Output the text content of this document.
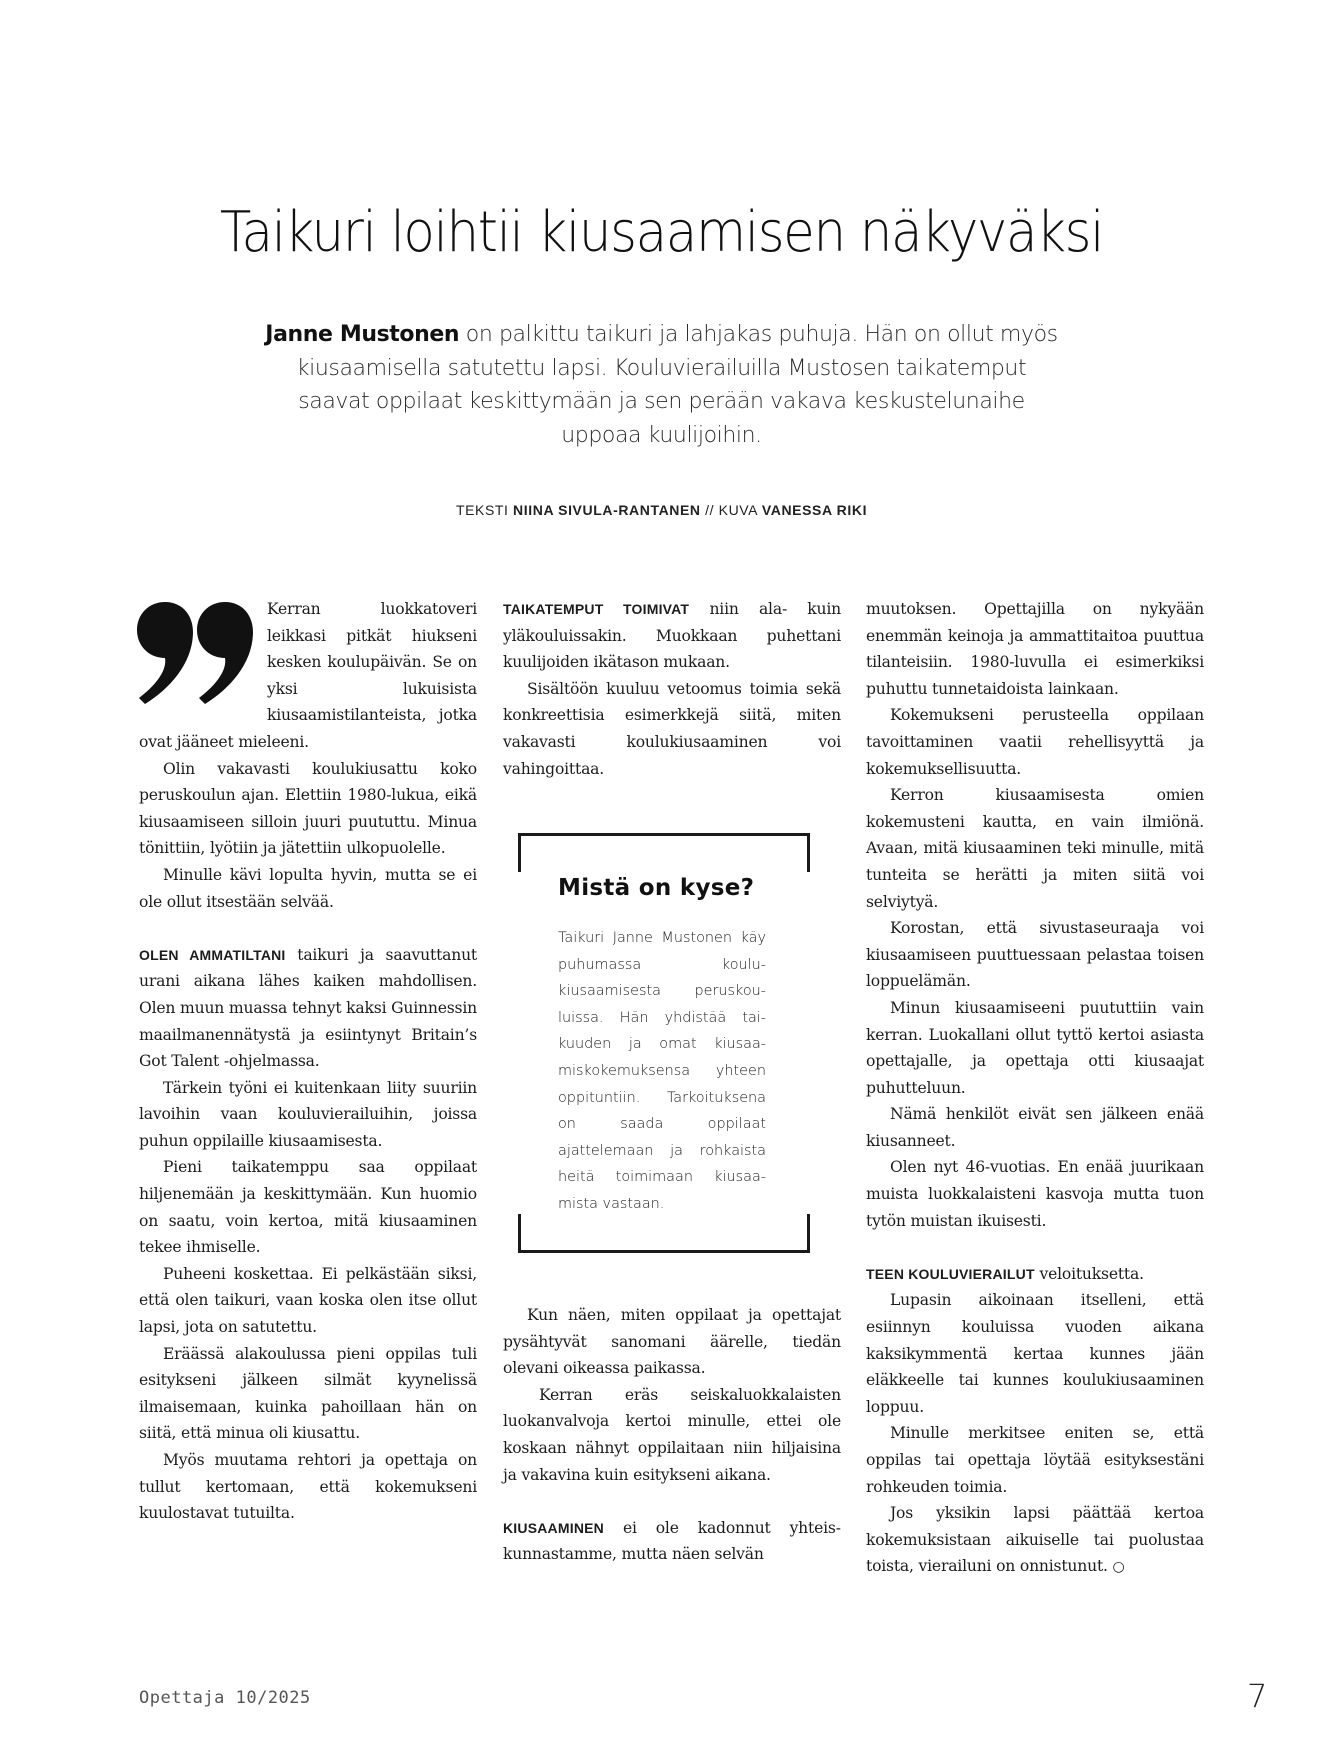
Taikuri loihtii kiusaamisen näkyväksi
Janne Mustonen on palkittu taikuri ja lahjakas puhuja. Hän on ollut myös kiusaamisella satutettu lapsi. Kouluvierailuilla Mustosen taikatemput saavat oppilaat keskittymään ja sen perään vakava keskustelunaihe uppoaa kuulijoihin.
TEKSTI NIINA SIVULA-RANTANEN // KUVA VANESSA RIKI

Kerran luokkatoveri leikkasi pitkät hiukseni kesken koulupäivän. Se on yksi lukuisista kiusaamistilanteista, jotka ovat jääneet mieleeni.

Olin vakavasti koulukiusattu koko peruskoulun ajan. Elettiin 1980-lukua, eikä kiusaamiseen silloin juuri puututtu. Minua tönittiin, lyötiin ja jätettiin ulkopuolelle.

Minulle kävi lopulta hyvin, mutta se ei ole ollut itsestään selvää.

OLEN AMMATILTANI taikuri ja saavuttanut urani aikana lähes kaiken mahdollisen. Olen muun muassa tehnyt kaksi Guinnessin maailmanennätystä ja esiintynyt Britain’s Got Talent -ohjelmassa.

Tärkein työni ei kuitenkaan liity suuriin lavoihin vaan kouluvierailuihin, joissa puhun oppilaille kiusaamisesta.

Pieni taikatemppu saa oppilaat hiljenemään ja keskittymään. Kun huomio on saatu, voin kertoa, mitä kiusaaminen tekee ihmiselle.

Puheeni koskettaa. Ei pelkästään siksi, että olen taikuri, vaan koska olen itse ollut lapsi, jota on satutettu.

Eräässä alakoulussa pieni oppilas tuli esitykseni jälkeen silmät kyynelissä ilmaisemaan, kuinka pahoillaan hän on siitä, että minua oli kiusattu.

Myös muutama rehtori ja opettaja on tullut kertomaan, että kokemukseni kuulostavat tutuilta.

TAIKATEMPUT TOIMIVAT niin ala- kuin yläkouluissakin. Muokkaan puhettani kuulijoiden ikätason mukaan.

Sisältöön kuuluu vetoomus toimia sekä konkreettisia esimerkkejä siitä, miten vakavasti koulukiusaaminen voi vahingoittaa.

Mistä on kyse?
Taikuri Janne Mustonen käy puhumassa koulukiusaamisesta peruskouluissa. Hän yhdistää taikuuden ja omat kiusaamiskokemuksensa yhteen oppituntiin. Tarkoituksena on saada oppilaat ajattelemaan ja rohkaista heitä toimimaan kiusaamista vastaan.

Kun näen, miten oppilaat ja opettajat pysähtyvät sanomani äärelle, tiedän olevani oikeassa paikassa.

Kerran eräs seiskaluokkalaisten luokanvalvoja kertoi minulle, ettei ole koskaan nähnyt oppilaitaan niin hiljaisina ja vakavina kuin esitykseni aikana.

KIUSAAMINEN ei ole kadonnut yhteiskunnastamme, mutta näen selvän

muutoksen. Opettajilla on nykyään enemmän keinoja ja ammattitaitoa puuttua tilanteisiin. 1980-luvulla ei esimerkiksi puhuttu tunnetaidoista lainkaan.

Kokemukseni perusteella oppilaan tavoittaminen vaatii rehellisyyttä ja kokemuksellisuutta.

Kerron kiusaamisesta omien kokemusteni kautta, en vain ilmiönä. Avaan, mitä kiusaaminen teki minulle, mitä tunteita se herätti ja miten siitä voi selviytyä.

Korostan, että sivustaseuraaja voi kiusaamiseen puuttuessaan pelastaa toisen loppuelämän.

Minun kiusaamiseeni puututtiin vain kerran. Luokallani ollut tyttö kertoi asiasta opettajalle, ja opettaja otti kiusaajat puhutteluun.

Nämä henkilöt eivät sen jälkeen enää kiusanneet.

Olen nyt 46-vuotias. En enää juurikaan muista luokkalaisteni kasvoja mutta tuon tytön muistan ikuisesti.

TEEN KOULUVIERAILUT veloituksetta.

Lupasin aikoinaan itselleni, että esiinnyn kouluissa vuoden aikana kaksikymmentä kertaa kunnes jään eläkkeelle tai kunnes koulukiusaaminen loppuu.

Minulle merkitsee eniten se, että oppilas tai opettaja löytää esityksestäni rohkeuden toimia.

Jos yksikin lapsi päättää kertoa kokemuksistaan aikuiselle tai puolustaa toista, vierailuni on onnistunut. ○

Opettaja 10/2025	7
